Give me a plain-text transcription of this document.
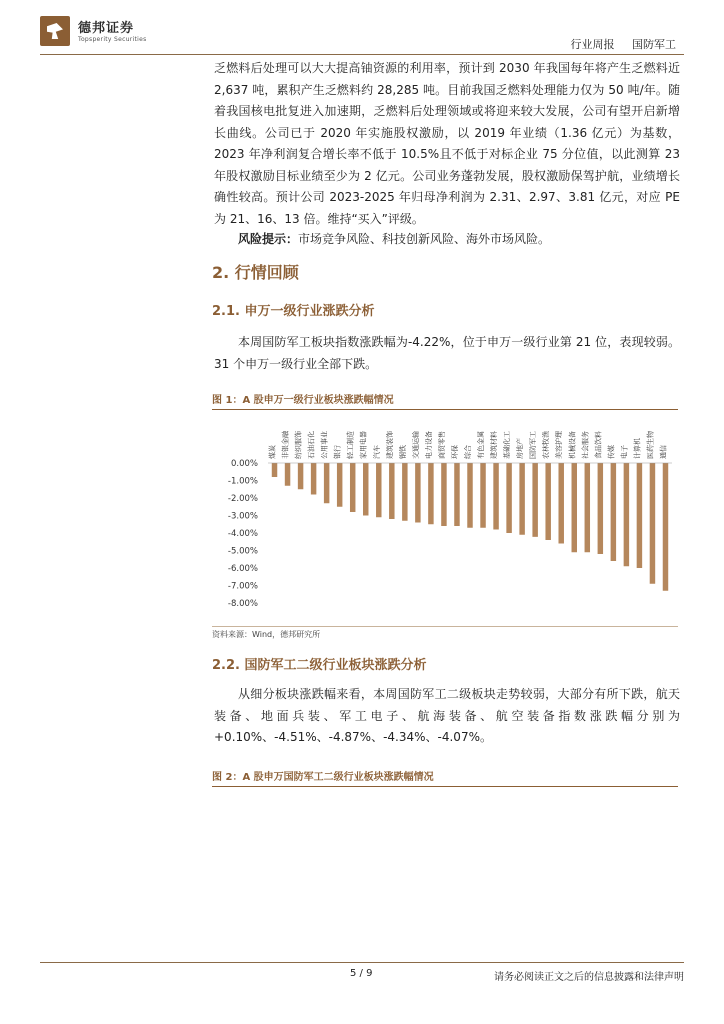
德邦证券
Topsperity Securities	行业周报 国防军工
乏燃料后处理可以大大提高铀资源的利用率，预计到 2030 年我国每年将产生乏燃料近 2,637 吨，累积产生乏燃料约 28,285 吨。目前我国乏燃料处理能力仅为 50 吨/年。随着我国核电批复进入加速期，乏燃料后处理领域或将迎来较大发展，公司有望开启新增长曲线。公司已于 2020 年实施股权激励，以 2019 年业绩（1.36 亿元）为基数，2023 年净利润复合增长率不低于 10.5%且不低于对标企业 75 分位值，以此测算 23 年股权激励目标业绩至少为 2 亿元。公司业务蓬勃发展，股权激励保驾护航，业绩增长确性较高。预计公司 2023-2025 年归母净利润为 2.31、2.97、3.81 亿元，对应 PE 为 21、16、13 倍。维持“买入”评级。
风险提示：市场竞争风险、科技创新风险、海外市场风险。
2. 行情回顾
2.1. 申万一级行业涨跌分析
本周国防军工板块指数涨跌幅为-4.22%，位于申万一级行业第 21 位，表现较弱。31 个申万一级行业全部下跌。
图 1：A 股申万一级行业板块涨跌幅情况
0.00%
-1.00%
-2.00%
-3.00%
-4.00%
-5.00%
-6.00%
-7.00%
-8.00%
煤炭 非银金融 纺织服饰 石油石化 公用事业 银行 轻工制造 家用电器 汽车 建筑装饰 钢铁 交通运输 电力设备 商贸零售 环保 综合 有色金属 建筑材料 基础化工 房地产 国防军工 农林牧渔 美容护理 机械设备 社会服务 食品饮料 传媒 电子 计算机 医药生物 通信
资料来源：Wind，德邦研究所
2.2. 国防军工二级行业板块涨跌分析
从细分板块涨跌幅来看，本周国防军工二级板块走势较弱，大部分有所下跌，航天装备、地面兵装、军工电子、航海装备、航空装备指数涨跌幅分别为+0.10%、-4.51%、-4.87%、-4.34%、-4.07%。
图 2：A 股申万国防军工二级行业板块涨跌幅情况
5 / 9	请务必阅读正文之后的信息披露和法律声明
